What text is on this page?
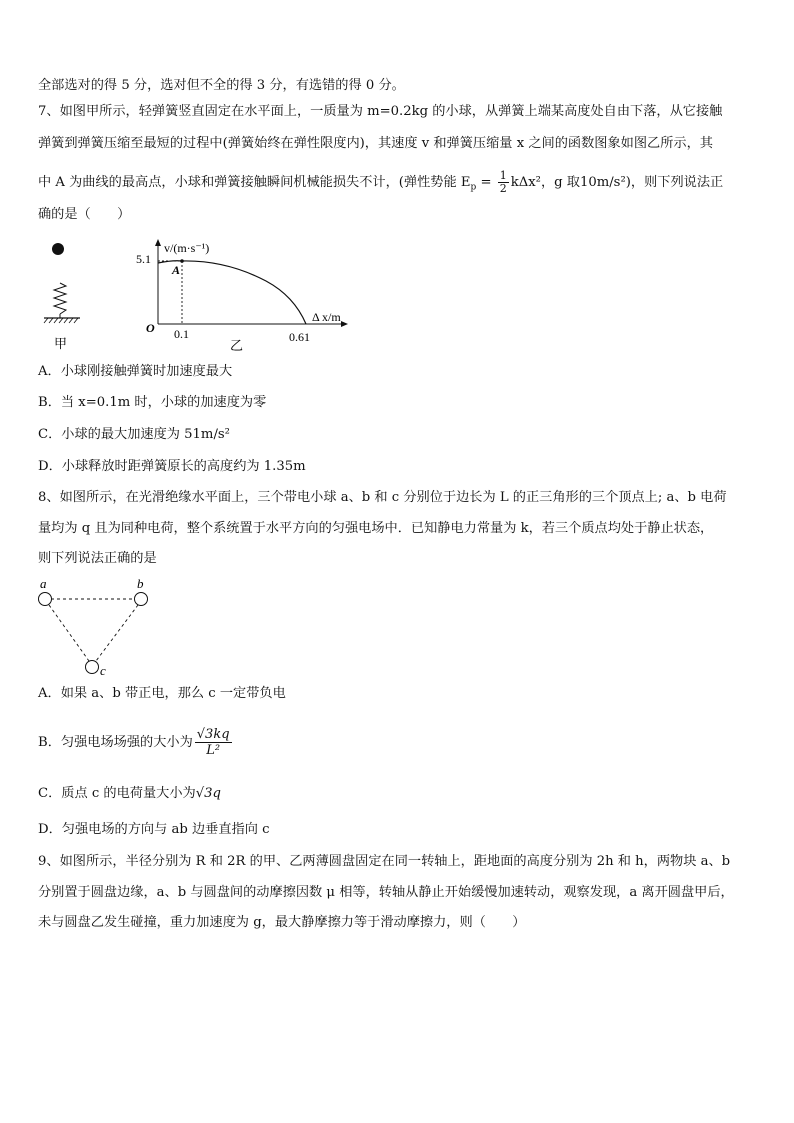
全部选对的得 5 分，选对但不全的得 3 分，有选错的得 0 分。
7、如图甲所示，轻弹簧竖直固定在水平面上，一质量为 m=0.2kg 的小球，从弹簧上端某高度处自由下落，从它接触
弹簧到弹簧压缩至最短的过程中(弹簧始终在弹性限度内)，其速度 v 和弹簧压缩量 x 之间的函数图象如图乙所示，其
中 A 为曲线的最高点，小球和弹簧接触瞬间机械能损失不计，(弹性势能 $E_p = \frac{1}{2} k\Delta x^2$，g 取10m/s²)，则下列说法正
确的是（　　）
甲
A
v/(m·s⁻¹)
5.1
O 0.1	0.61
Δ x/m
乙
A．小球刚接触弹簧时加速度最大
B．当 x=0.1m 时，小球的加速度为零
C．小球的最大加速度为 51m/s²
D．小球释放时距弹簧原长的高度约为 1.35m
8、如图所示，在光滑绝缘水平面上，三个带电小球 a、b 和 c 分别位于边长为 L 的正三角形的三个顶点上; a、b 电荷
量均为 q 且为同种电荷，整个系统置于水平方向的匀强电场中．已知静电力常量为 k，若三个质点均处于静止状态，
则下列说法正确的是
a	b
c
A．如果 a、b 带正电，那么 c 一定带负电
B．匀强电场场强的大小为 $\frac{√3kq}{\text{L²}}$
C．质点 c 的电荷量大小为√3q
D．匀强电场的方向与 ab 边垂直指向 c
9、如图所示，半径分别为 R 和 2R 的甲、乙两薄圆盘固定在同一转轴上，距地面的高度分别为 2h 和 h，两物块 a、b
分别置于圆盘边缘，a、b 与圆盘间的动摩擦因数 μ 相等，转轴从静止开始缓慢加速转动，观察发现，a 离开圆盘甲后，
未与圆盘乙发生碰撞，重力加速度为 g，最大静摩擦力等于滑动摩擦力，则（　　）
